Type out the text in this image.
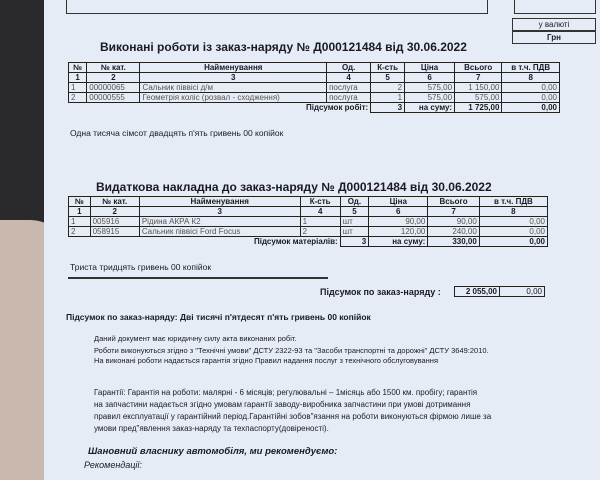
у валюті
Грн
Виконані роботи із заказ-наряду № Д000121484 від 30.06.2022
№	№ кат.	Найменування	Од.	К-сть	Ціна	Всього	в т.ч. ПДВ
1	2	3	4	5	6	7	8
1	00000065	Сальник піввісі д/м	послуга	2	575,00	1 150,00	0,00
2	00000555	Геометрія коліс (розвал - сходження)	послуга	1	575,00	575,00	0,00
Підсумок робіт:				3	на суму:	1 725,00	0,00
Одна тисяча сімсот двадцять п'ять гривень 00 копійок
Видаткова накладна до заказ-наряду № Д000121484 від 30.06.2022
№	№ кат.	Найменування	К-сть	Од.	Ціна	Всього	в т.ч. ПДВ
1	2	3	4	5	6	7	8
1	005916	Рідина АКРА К2	1	шт	90,00	90,00	0,00
2	058915	Сальник піввісі Ford Focus	2	шт	120,00	240,00	0,00
Підсумок матеріалів:				3	на суму:	330,00	0,00
Триста тридцять гривень 00 копійок
Підсумок по заказ-наряду :	2 055,00	0,00
Підсумок по заказ-наряду: Дві тисячі п'ятдесят п'ять гривень 00 копійок
Даний документ має юридичну силу акта виконаних робіт.
Роботи виконуються згідно з "Технічні умови" ДСТУ 2322-93 та "Засоби транспортні та дорожні" ДСТУ 3649:2010.
На виконані роботи надається гарантія згідно Правил надання послуг з технічного обслуговування
Гарантії: Гарантія на роботи: малярні - 6 місяців; регулювальні – 1місяць або 1500 км. пробігу; гарантія
на запчастини надається згідно умовам гарантії заводу-виробника запчастини при умові дотримання
правил експлуатації у гарантійний період.Гарантійні зобов"язання на роботи виконуються фірмою лише за
умови пред"явлення заказ-наряду та техпаспорту(довіреності).
Шановний власнику автомобіля, ми рекомендуємо:
Рекомендації:
